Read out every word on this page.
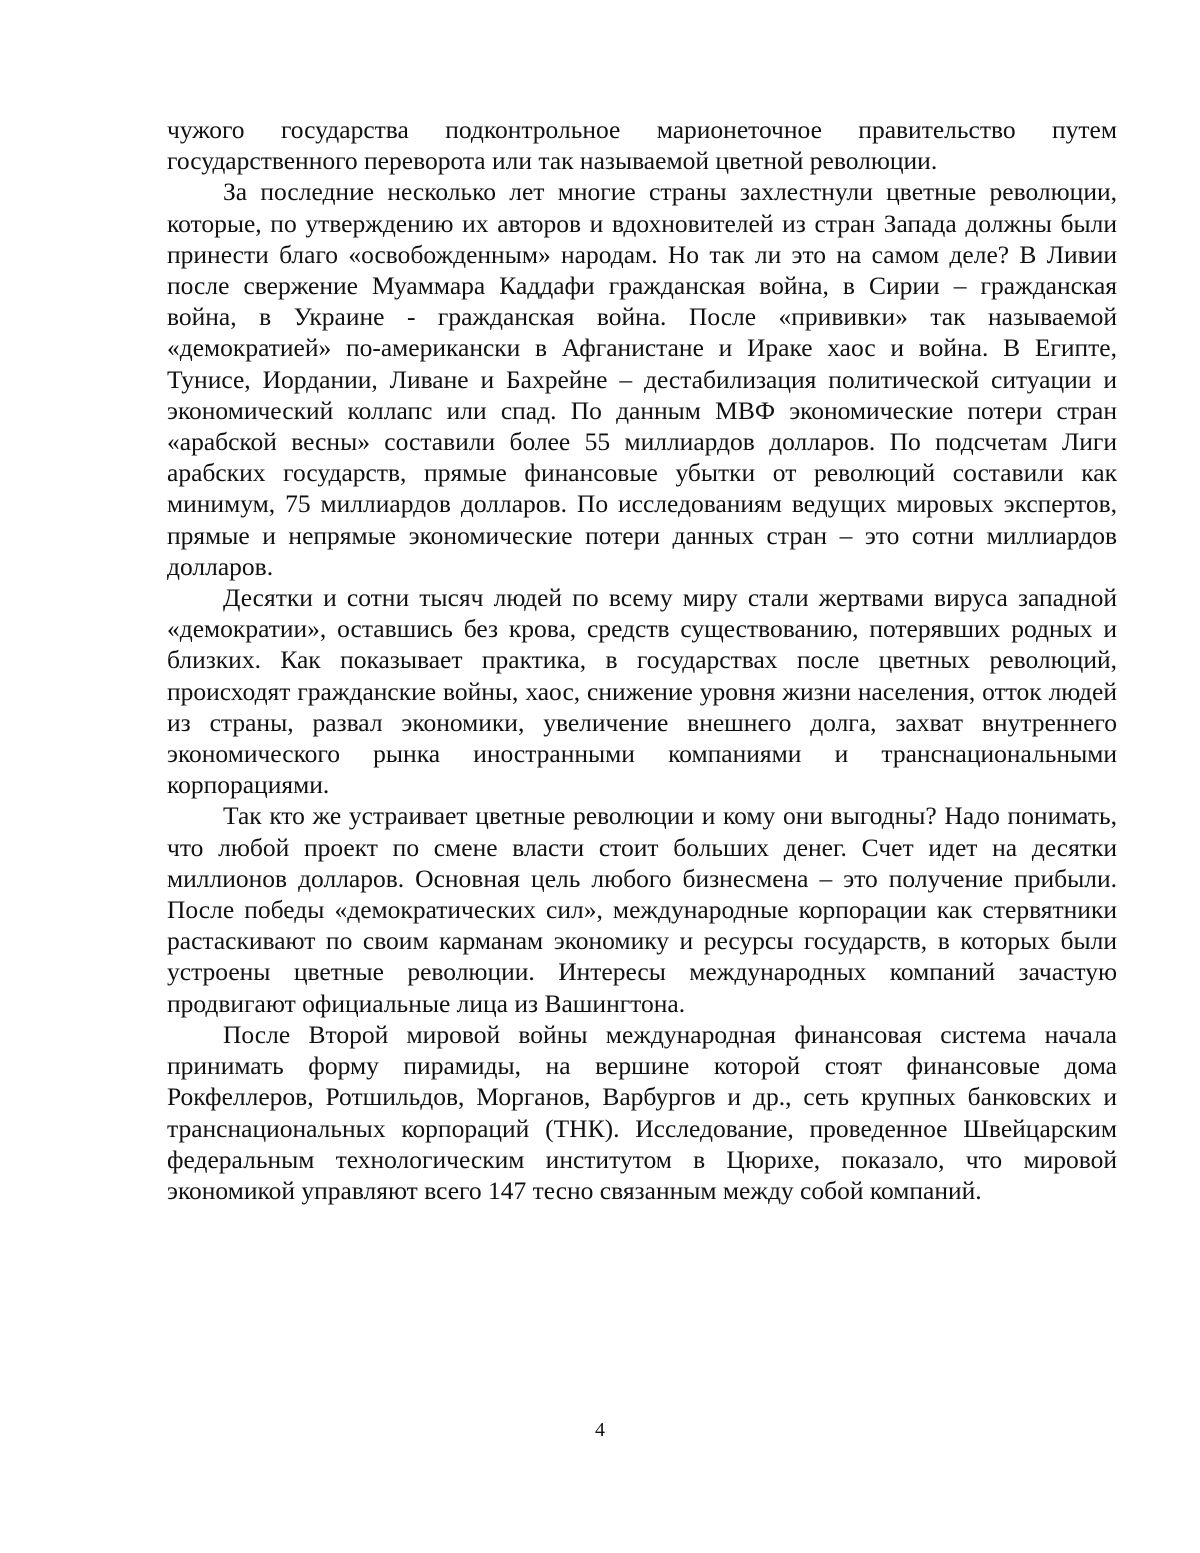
чужого государства подконтрольное марионеточное правительство путем государственного переворота или так называемой цветной революции.

За последние несколько лет многие страны захлестнули цветные революции, которые, по утверждению их авторов и вдохновителей из стран Запада должны были принести благо «освобожденным» народам. Но так ли это на самом деле? В Ливии после свержение Муаммара Каддафи гражданская война, в Сирии – гражданская война, в Украине - гражданская война. После «прививки» так называемой «демократией» по-американски в Афганистане и Ираке хаос и война. В Египте, Тунисе, Иордании, Ливане и Бахрейне – дестабилизация политической ситуации и экономический коллапс или спад. По данным МВФ экономические потери стран «арабской весны» составили более 55 миллиардов долларов. По подсчетам Лиги арабских государств, прямые финансовые убытки от революций составили как минимум, 75 миллиардов долларов. По исследованиям ведущих мировых экспертов, прямые и непрямые экономические потери данных стран – это сотни миллиардов долларов.

Десятки и сотни тысяч людей по всему миру стали жертвами вируса западной «демократии», оставшись без крова, средств существованию, потерявших родных и близких. Как показывает практика, в государствах после цветных революций, происходят гражданские войны, хаос, снижение уровня жизни населения, отток людей из страны, развал экономики, увеличение внешнего долга, захват внутреннего экономического рынка иностранными компаниями и транснациональными корпорациями.

Так кто же устраивает цветные революции и кому они выгодны? Надо понимать, что любой проект по смене власти стоит больших денег. Счет идет на десятки миллионов долларов. Основная цель любого бизнесмена – это получение прибыли. После победы «демократических сил», международные корпорации как стервятники растаскивают по своим карманам экономику и ресурсы государств, в которых были устроены цветные революции. Интересы международных компаний зачастую продвигают официальные лица из Вашингтона.

После Второй мировой войны международная финансовая система начала принимать форму пирамиды, на вершине которой стоят финансовые дома Рокфеллеров, Ротшильдов, Морганов, Варбургов и др., сеть крупных банковских и транснациональных корпораций (ТНК). Исследование, проведенное Швейцарским федеральным технологическим институтом в Цюрихе, показало, что мировой экономикой управляют всего 147 тесно связанным между собой компаний.

4
